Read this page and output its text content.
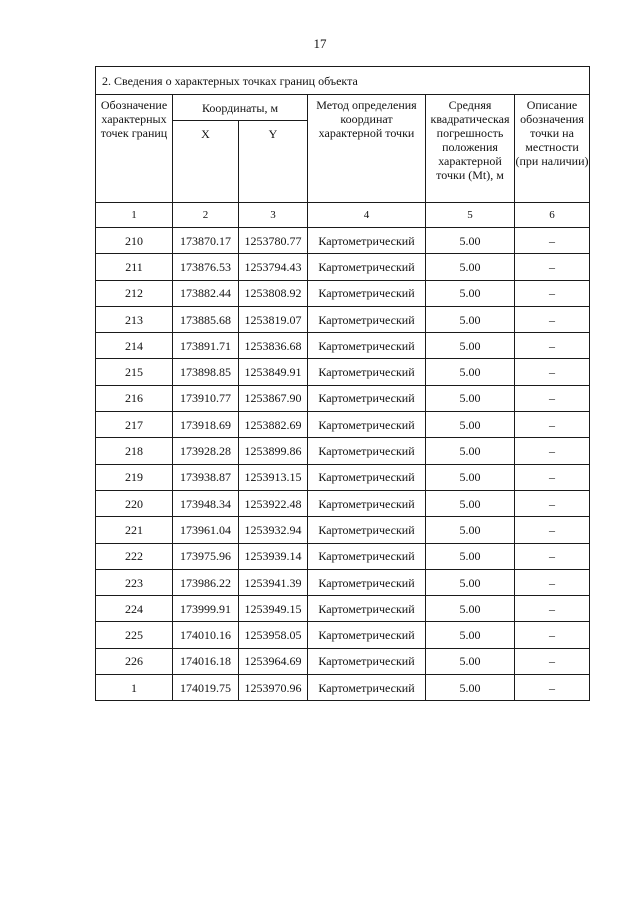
17
2. Сведения о характерных точках границ объекта					
Обозначение характерных точек границ	Координаты, м		Метод определения координат характерной точки	Средняя квадратическая погрешность положения характерной точки (Mt), м	Описание обозначения точки на местности (при наличии)
	X	Y			
1	2	3	4	5	6
210	173870.17	1253780.77	Картометрический	5.00	–
211	173876.53	1253794.43	Картометрический	5.00	–
212	173882.44	1253808.92	Картометрический	5.00	–
213	173885.68	1253819.07	Картометрический	5.00	–
214	173891.71	1253836.68	Картометрический	5.00	–
215	173898.85	1253849.91	Картометрический	5.00	–
216	173910.77	1253867.90	Картометрический	5.00	–
217	173918.69	1253882.69	Картометрический	5.00	–
218	173928.28	1253899.86	Картометрический	5.00	–
219	173938.87	1253913.15	Картометрический	5.00	–
220	173948.34	1253922.48	Картометрический	5.00	–
221	173961.04	1253932.94	Картометрический	5.00	–
222	173975.96	1253939.14	Картометрический	5.00	–
223	173986.22	1253941.39	Картометрический	5.00	–
224	173999.91	1253949.15	Картометрический	5.00	–
225	174010.16	1253958.05	Картометрический	5.00	–
226	174016.18	1253964.69	Картометрический	5.00	–
1	174019.75	1253970.96	Картометрический	5.00	–
